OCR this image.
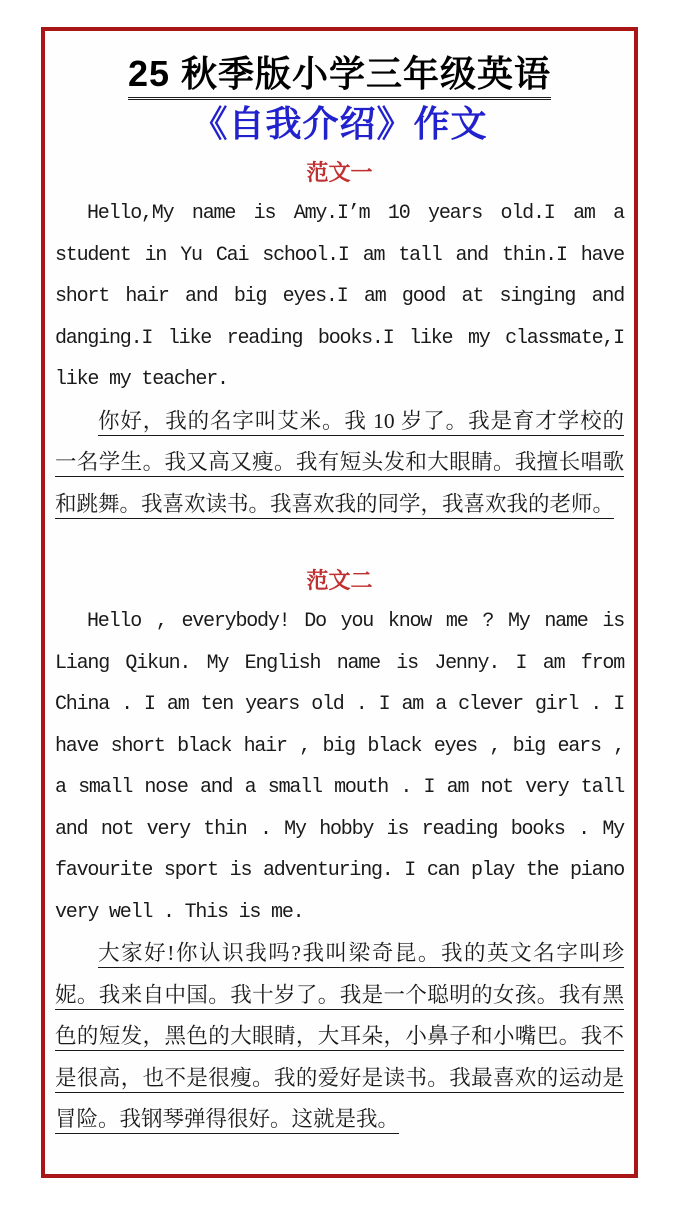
25 秋季版小学三年级英语
《自我介绍》作文
范文一

Hello,My name is Amy.I’m 10 years old.I am a student in Yu Cai school.I am tall and thin.I have short hair and big eyes.I am good at singing and danging.I like reading books.I like my classmate,I like my teacher.

你好，我的名字叫艾米。我 10 岁了。我是育才学校的一名学生。我又高又瘦。我有短头发和大眼睛。我擅长唱歌和跳舞。我喜欢读书。我喜欢我的同学，我喜欢我的老师。

范文二

Hello , everybody! Do you know me ? My name is Liang Qikun. My English name is Jenny. I am from China . I am ten years old . I am a clever girl . I have short black hair , big black eyes , big ears , a small nose and a small mouth . I am not very tall and not very thin . My hobby is reading books . My favourite sport is adventuring. I can play the piano very well . This is me.

大家好!你认识我吗?我叫梁奇昆。我的英文名字叫珍妮。我来自中国。我十岁了。我是一个聪明的女孩。我有黑色的短发，黑色的大眼睛，大耳朵，小鼻子和小嘴巴。我不是很高，也不是很瘦。我的爱好是读书。我最喜欢的运动是冒险。我钢琴弹得很好。这就是我。
